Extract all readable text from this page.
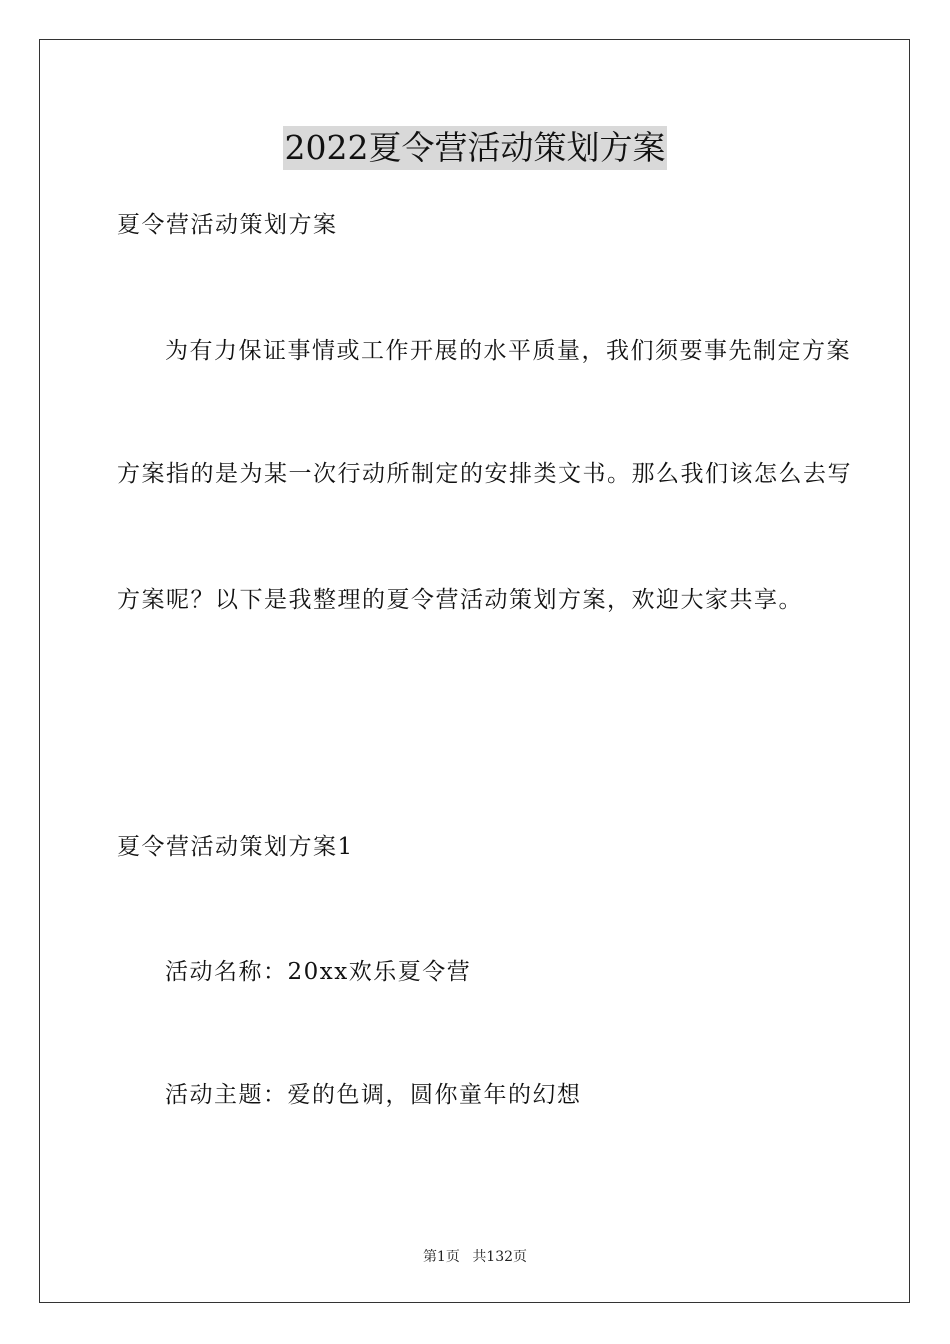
2022夏令营活动策划方案
夏令营活动策划方案
为有力保证事情或工作开展的水平质量，我们须要事先制定方案
方案指的是为某一次行动所制定的安排类文书。那么我们该怎么去写
方案呢？以下是我整理的夏令营活动策划方案，欢迎大家共享。
夏令营活动策划方案1
活动名称：20xx欢乐夏令营
活动主题：爱的色调，圆你童年的幻想
第1页 共132页
